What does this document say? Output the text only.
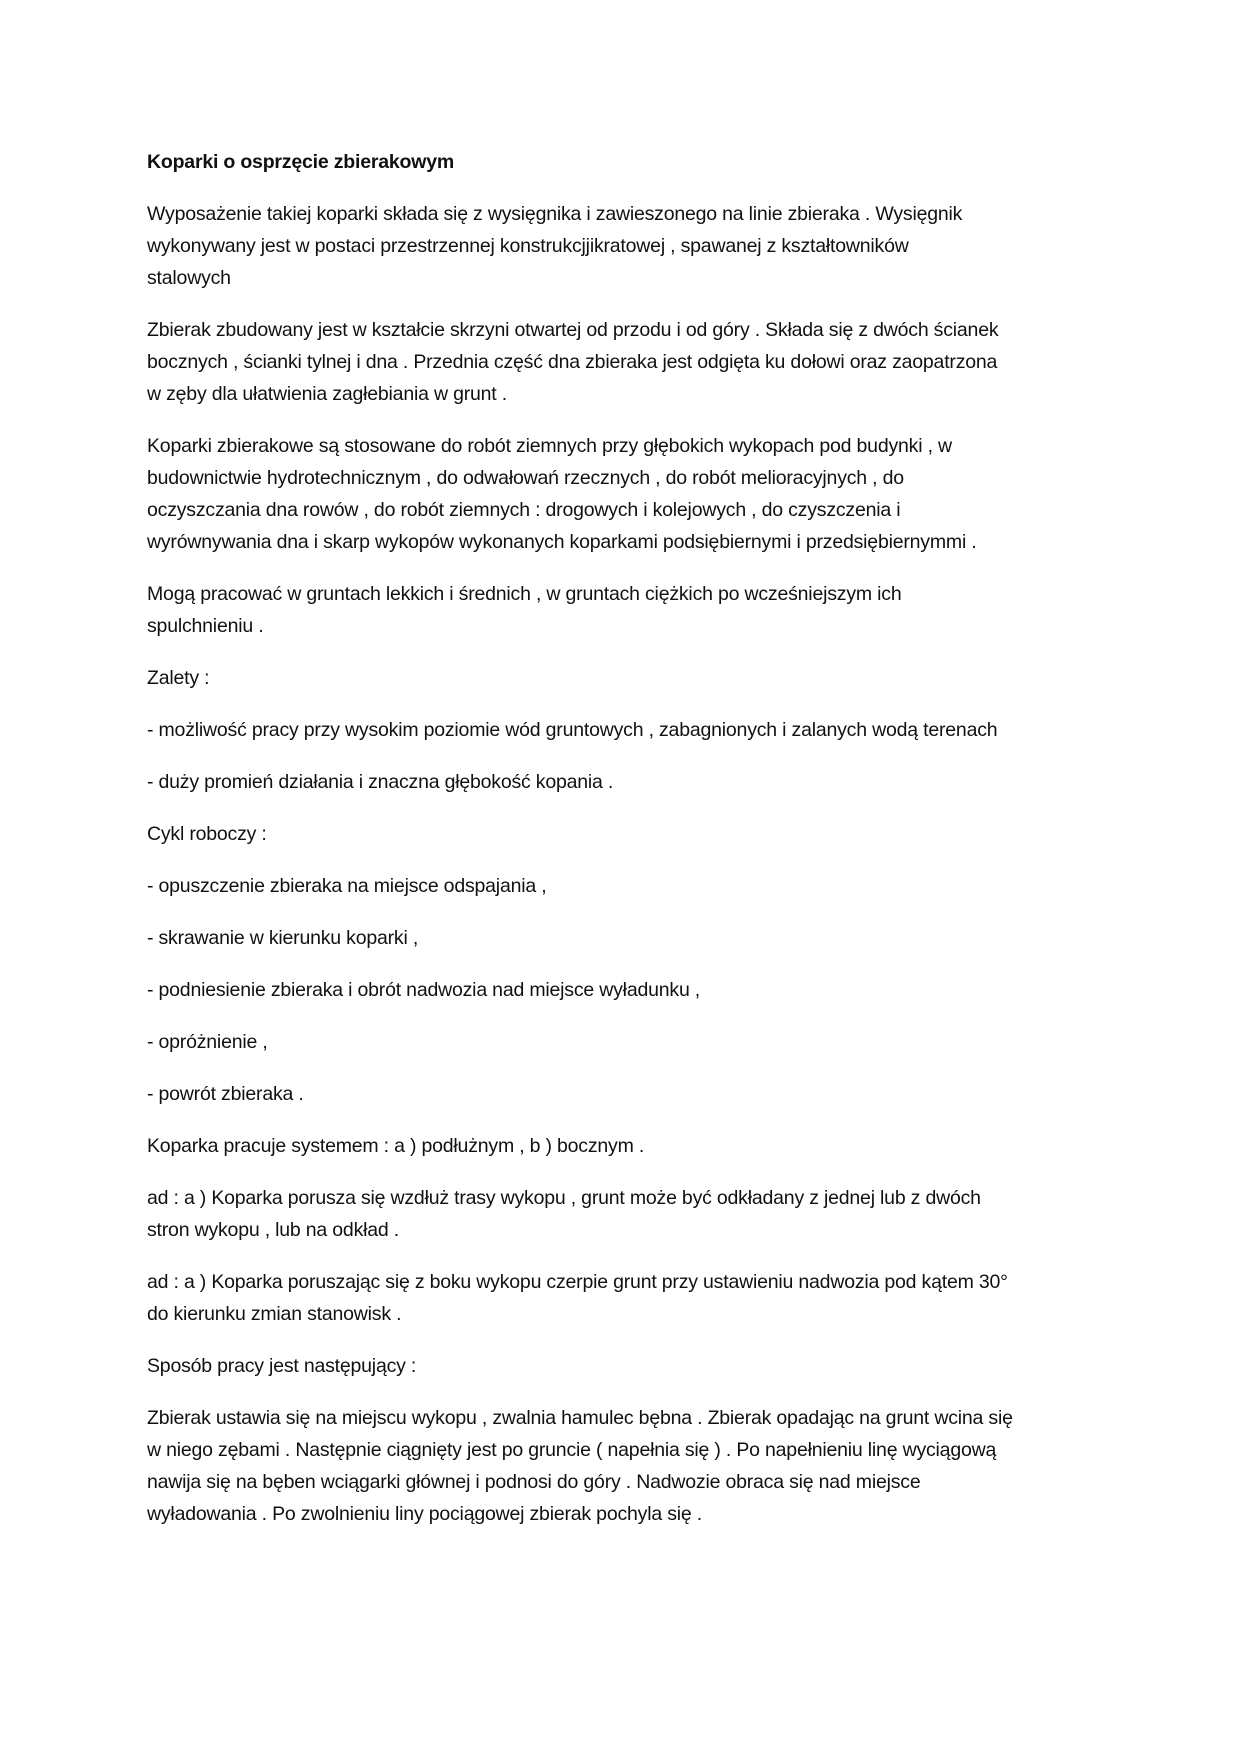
Koparki o osprzęcie zbierakowym
Wyposażenie takiej koparki składa się z wysięgnika i zawieszonego na linie zbieraka . Wysięgnik
wykonywany jest w postaci przestrzennej konstrukcjjikratowej , spawanej z kształtowników
stalowych
Zbierak zbudowany jest w kształcie skrzyni otwartej od przodu i od góry . Składa się z dwóch ścianek
bocznych , ścianki tylnej i dna . Przednia część dna zbieraka jest odgięta ku dołowi oraz zaopatrzona
w zęby dla ułatwienia zagłebiania w grunt .
Koparki zbierakowe są stosowane do robót ziemnych przy głębokich wykopach pod budynki , w
budownictwie hydrotechnicznym , do odwałowań rzecznych , do robót melioracyjnych , do
oczyszczania dna rowów , do robót ziemnych : drogowych i kolejowych , do czyszczenia i
wyrównywania dna i skarp wykopów wykonanych koparkami podsiębiernymi i przedsiębiernymmi .
Mogą pracować w gruntach lekkich i średnich , w gruntach ciężkich po wcześniejszym ich
spulchnieniu .
Zalety :
- możliwość pracy przy wysokim poziomie wód gruntowych , zabagnionych i zalanych wodą terenach
- duży promień działania i znaczna głębokość kopania .
Cykl roboczy :
- opuszczenie zbieraka na miejsce odspajania ,
- skrawanie w kierunku koparki ,
- podniesienie zbieraka i obrót nadwozia nad miejsce wyładunku ,
- opróżnienie ,
- powrót zbieraka .
Koparka pracuje systemem : a ) podłużnym , b ) bocznym .
ad : a ) Koparka porusza się wzdłuż trasy wykopu , grunt może być odkładany z jednej lub z dwóch
stron wykopu , lub na odkład .
ad : a ) Koparka poruszając się z boku wykopu czerpie grunt przy ustawieniu nadwozia pod kątem 30°
do kierunku zmian stanowisk .
Sposób pracy jest następujący :
Zbierak ustawia się na miejscu wykopu , zwalnia hamulec bębna . Zbierak opadając na grunt wcina się
w niego zębami . Następnie ciągnięty jest po gruncie ( napełnia się ) . Po napełnieniu linę wyciągową
nawija się na bęben wciągarki głównej i podnosi do góry . Nadwozie obraca się nad miejsce
wyładowania . Po zwolnieniu liny pociągowej zbierak pochyla się .
